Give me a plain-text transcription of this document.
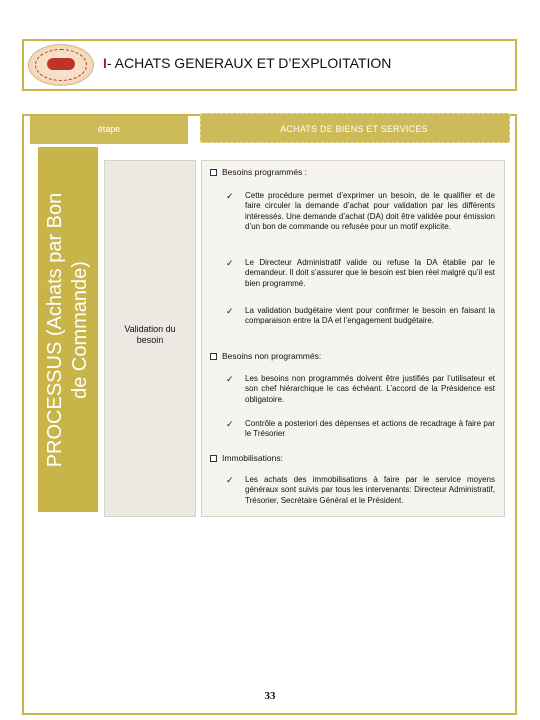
I- ACHATS GENERAUX ET D’EXPLOITATION
étape	ACHATS DE BIENS ET SERVICES
PROCESSUS (Achats par Bon de Commande)	Validation du
besoin
Besoins programmés :
✓ Cette procédure permet d’exprimer un besoin, de le qualifier et de faire circuler la demande d’achat pour validation par les différents intéressés. Une demande d’achat (DA) doit être validée pour émission d’un bon de commande ou refusée pour un motif explicite.
✓ Le Directeur Administratif valide ou refuse la DA établie par le demandeur. Il doit s’assurer que le besoin est bien réel malgré qu’il est bien programmé.
✓ La validation budgétaire vient pour confirmer le besoin en faisant la comparaison entre la DA et l’engagement budgétaire.
Besoins non programmés:
✓ Les besoins non programmés doivent être justifiés par l’utilisateur et son chef hiérarchique le cas échéant. L’accord de la Présidence est obligatoire.
✓ Contrôle a posteriori des dépenses et actions de recadrage à faire par le Trésorier
Immobilisations:
✓ Les achats des immobilisations à faire par le service moyens généraux sont suivis par tous les intervenants: Directeur Administratif, Trésorier, Secrétaire Général et le Président.
33
